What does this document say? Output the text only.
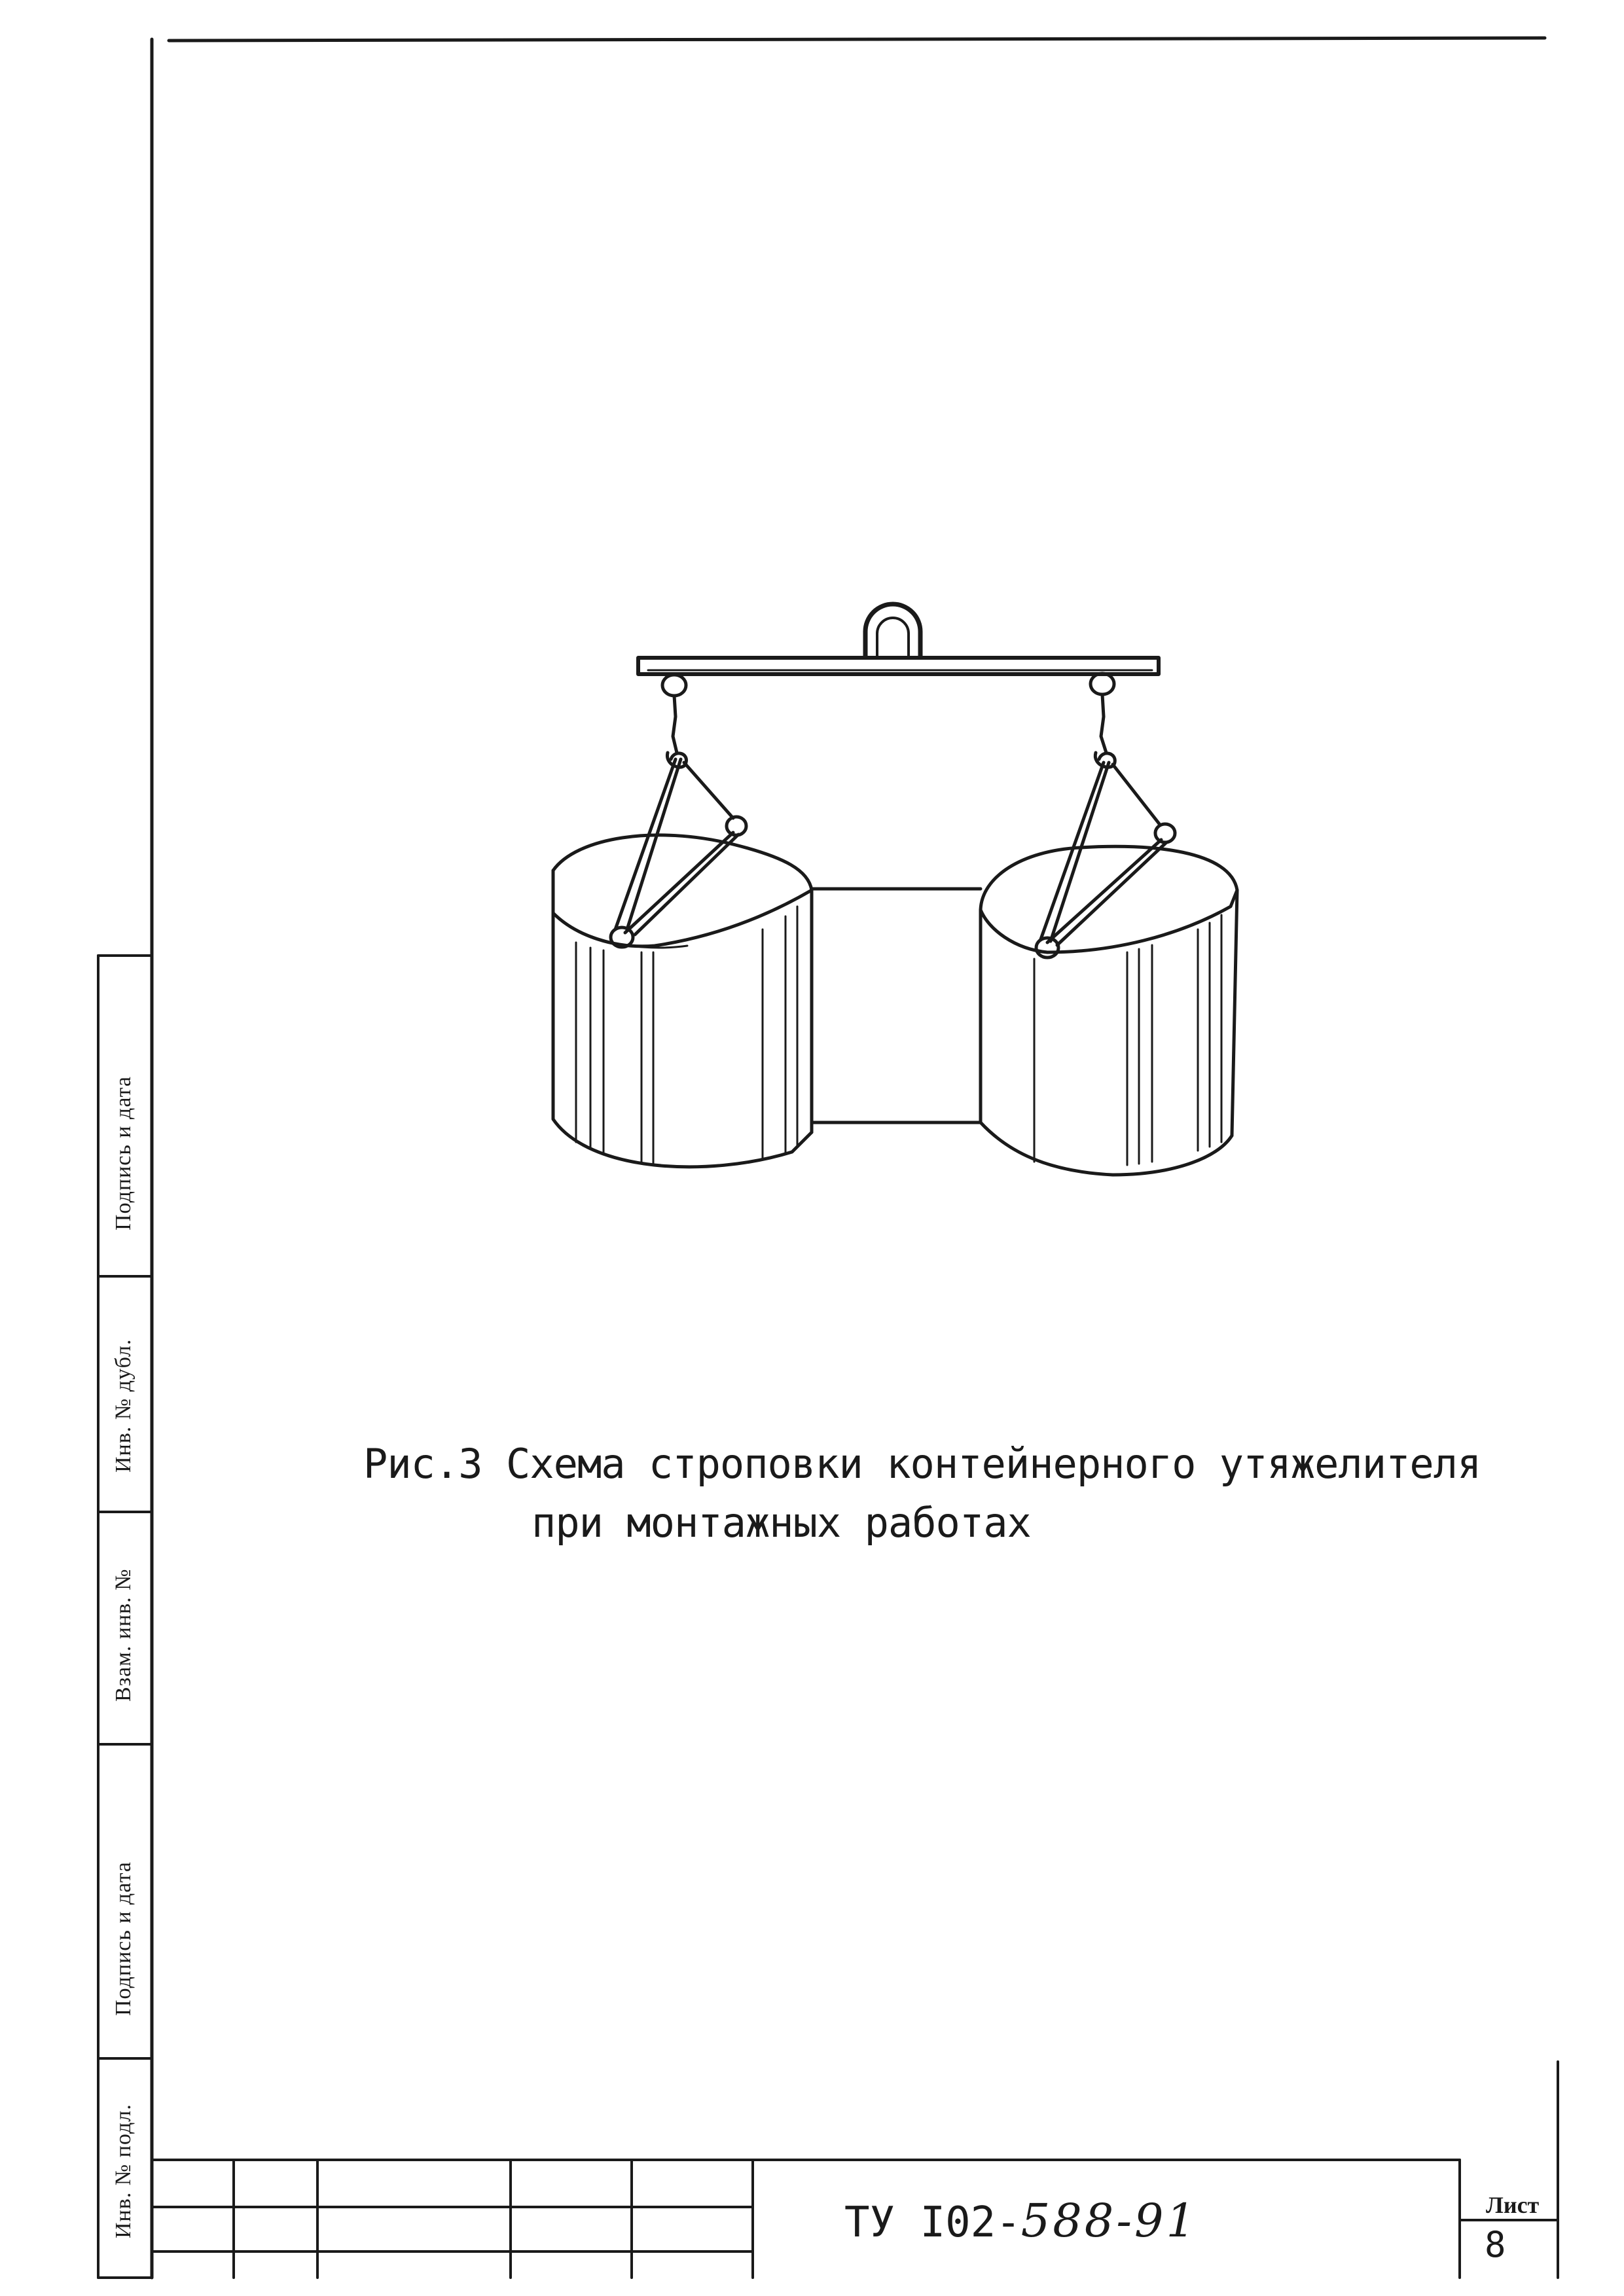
Подпись и дата
Инв. № дубл.
Взам. инв. №
Подпись и дата
Инв. № подл.
Рис.3 Схема строповки контейнерного утяжелителя
при монтажных работах
ТУ I02-588-91	Лист
8
